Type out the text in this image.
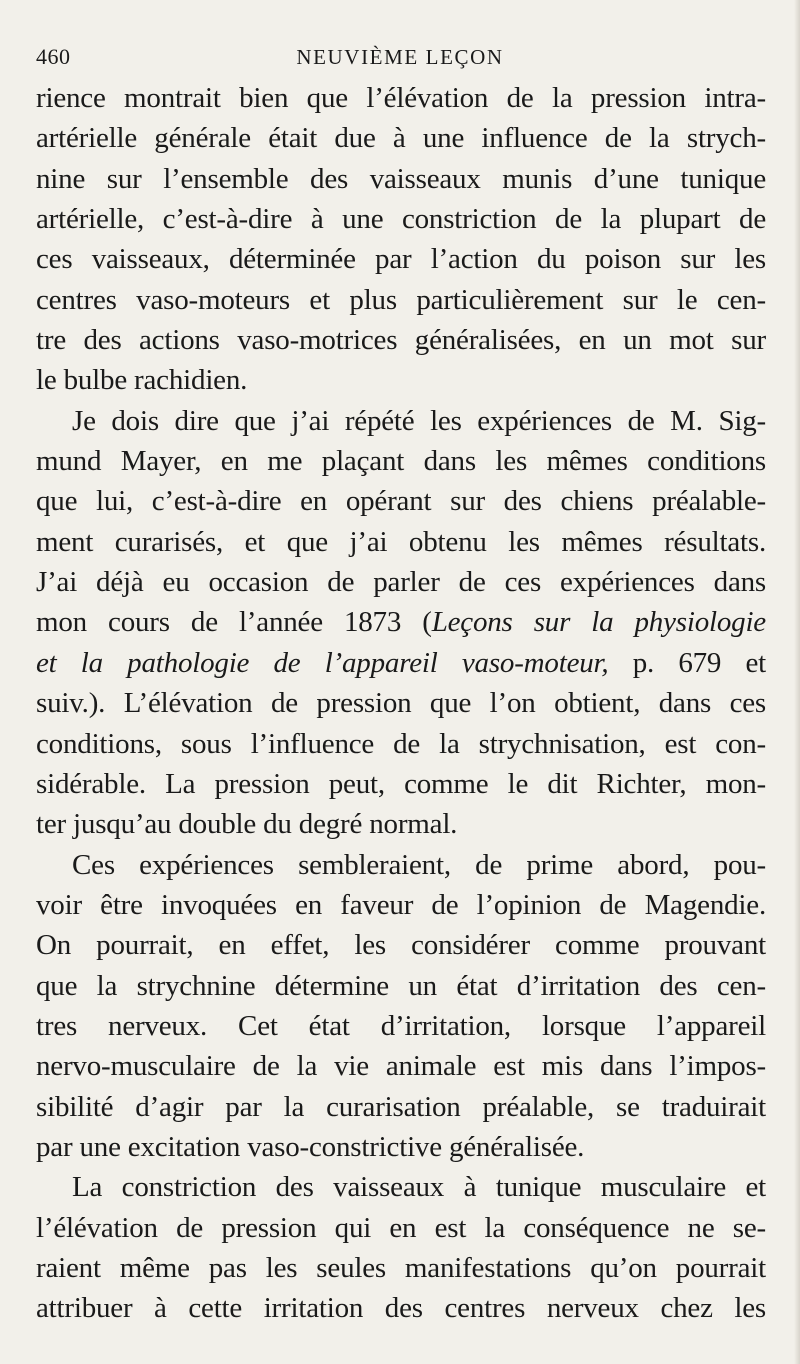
460	NEUVIÈME LEÇON
rience montrait bien que l’élévation de la pression intra-
artérielle générale était due à une influence de la strych-
nine sur l’ensemble des vaisseaux munis d’une tunique
artérielle, c’est-à-dire à une constriction de la plupart de
ces vaisseaux, déterminée par l’action du poison sur les
centres vaso-moteurs et plus particulièrement sur le cen-
tre des actions vaso-motrices généralisées, en un mot sur
le bulbe rachidien.
Je dois dire que j’ai répété les expériences de M. Sig-
mund Mayer, en me plaçant dans les mêmes conditions
que lui, c’est-à-dire en opérant sur des chiens préalable-
ment curarisés, et que j’ai obtenu les mêmes résultats.
J’ai déjà eu occasion de parler de ces expériences dans
mon cours de l’année 1873 (Leçons sur la physiologie
et la pathologie de l’appareil vaso-moteur, p. 679 et
suiv.). L’élévation de pression que l’on obtient, dans ces
conditions, sous l’influence de la strychnisation, est con-
sidérable. La pression peut, comme le dit Richter, mon-
ter jusqu’au double du degré normal.
Ces expériences sembleraient, de prime abord, pou-
voir être invoquées en faveur de l’opinion de Magendie.
On pourrait, en effet, les considérer comme prouvant
que la strychnine détermine un état d’irritation des cen-
tres nerveux. Cet état d’irritation, lorsque l’appareil
nervo-musculaire de la vie animale est mis dans l’impos-
sibilité d’agir par la curarisation préalable, se traduirait
par une excitation vaso-constrictive généralisée.
La constriction des vaisseaux à tunique musculaire et
l’élévation de pression qui en est la conséquence ne se-
raient même pas les seules manifestations qu’on pourrait
attribuer à cette irritation des centres nerveux chez les
